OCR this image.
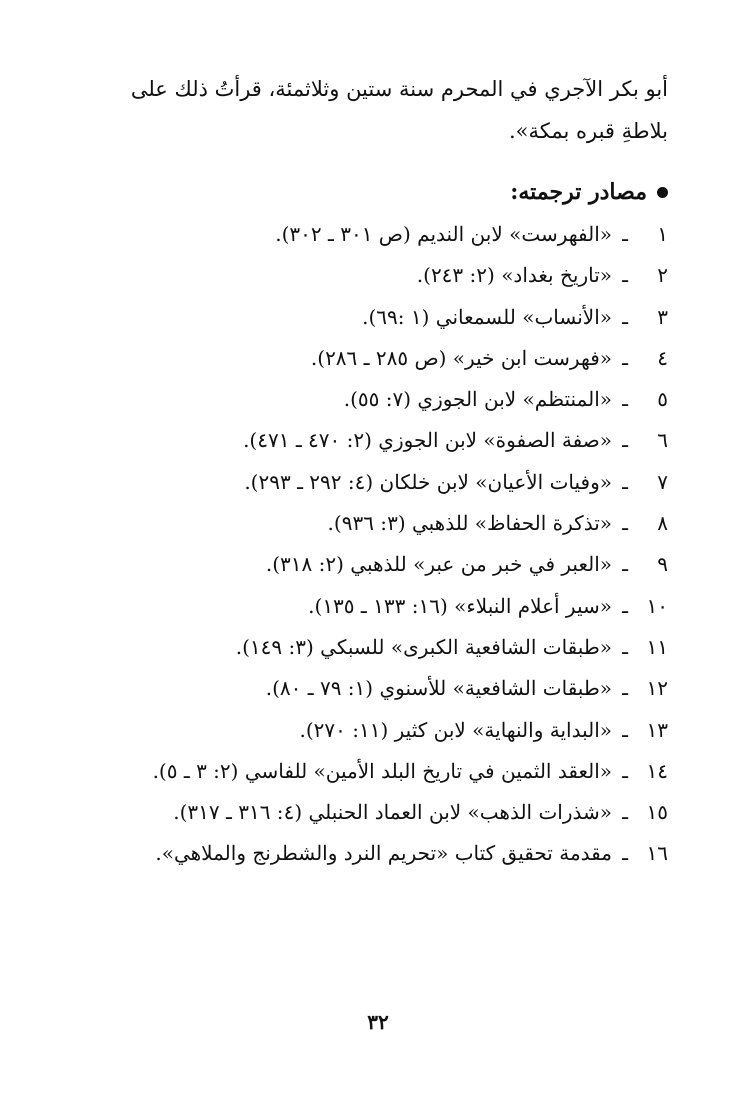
أبو بكر الآجري في المحرم سنة ستين وثلاثمئة، قرأتُ ذلك على

بلاطةِ قبره بمكة».

مصادر ترجمته:
١
ـ
«الفهرست» لابن النديم (ص ٣٠١ ـ ٣٠٢).
٢
ـ
«تاريخ بغداد» (٢: ٢٤٣).
٣
ـ
«الأنساب» للسمعاني (١ :٦٩).
٤
ـ
«فهرست ابن خير» (ص ٢٨٥ ـ ٢٨٦).
٥
ـ
«المنتظم» لابن الجوزي (٧: ٥٥).
٦
ـ
«صفة الصفوة» لابن الجوزي (٢: ٤٧٠ ـ ٤٧١).
٧
ـ
«وفيات الأعيان» لابن خلكان (٤: ٢٩٢ ـ ٢٩٣).
٨
ـ
«تذكرة الحفاظ» للذهبي (٣: ٩٣٦).
٩
ـ
«العبر في خبر من عبر» للذهبي (٢: ٣١٨).
١٠
ـ
«سير أعلام النبلاء» (١٦: ١٣٣ ـ ١٣٥).
١١
ـ
«طبقات الشافعية الكبرى» للسبكي (٣: ١٤٩).
١٢
ـ
«طبقات الشافعية» للأسنوي (١: ٧٩ ـ ٨٠).
١٣
ـ
«البداية والنهاية» لابن كثير (١١: ٢٧٠).
١٤
ـ
«العقد الثمين في تاريخ البلد الأمين» للفاسي (٢: ٣ ـ ٥).
١٥
ـ
«شذرات الذهب» لابن العماد الحنبلي (٤: ٣١٦ ـ ٣١٧).
١٦
ـ
مقدمة تحقيق كتاب «تحريم النرد والشطرنج والملاهي».
٣٢
